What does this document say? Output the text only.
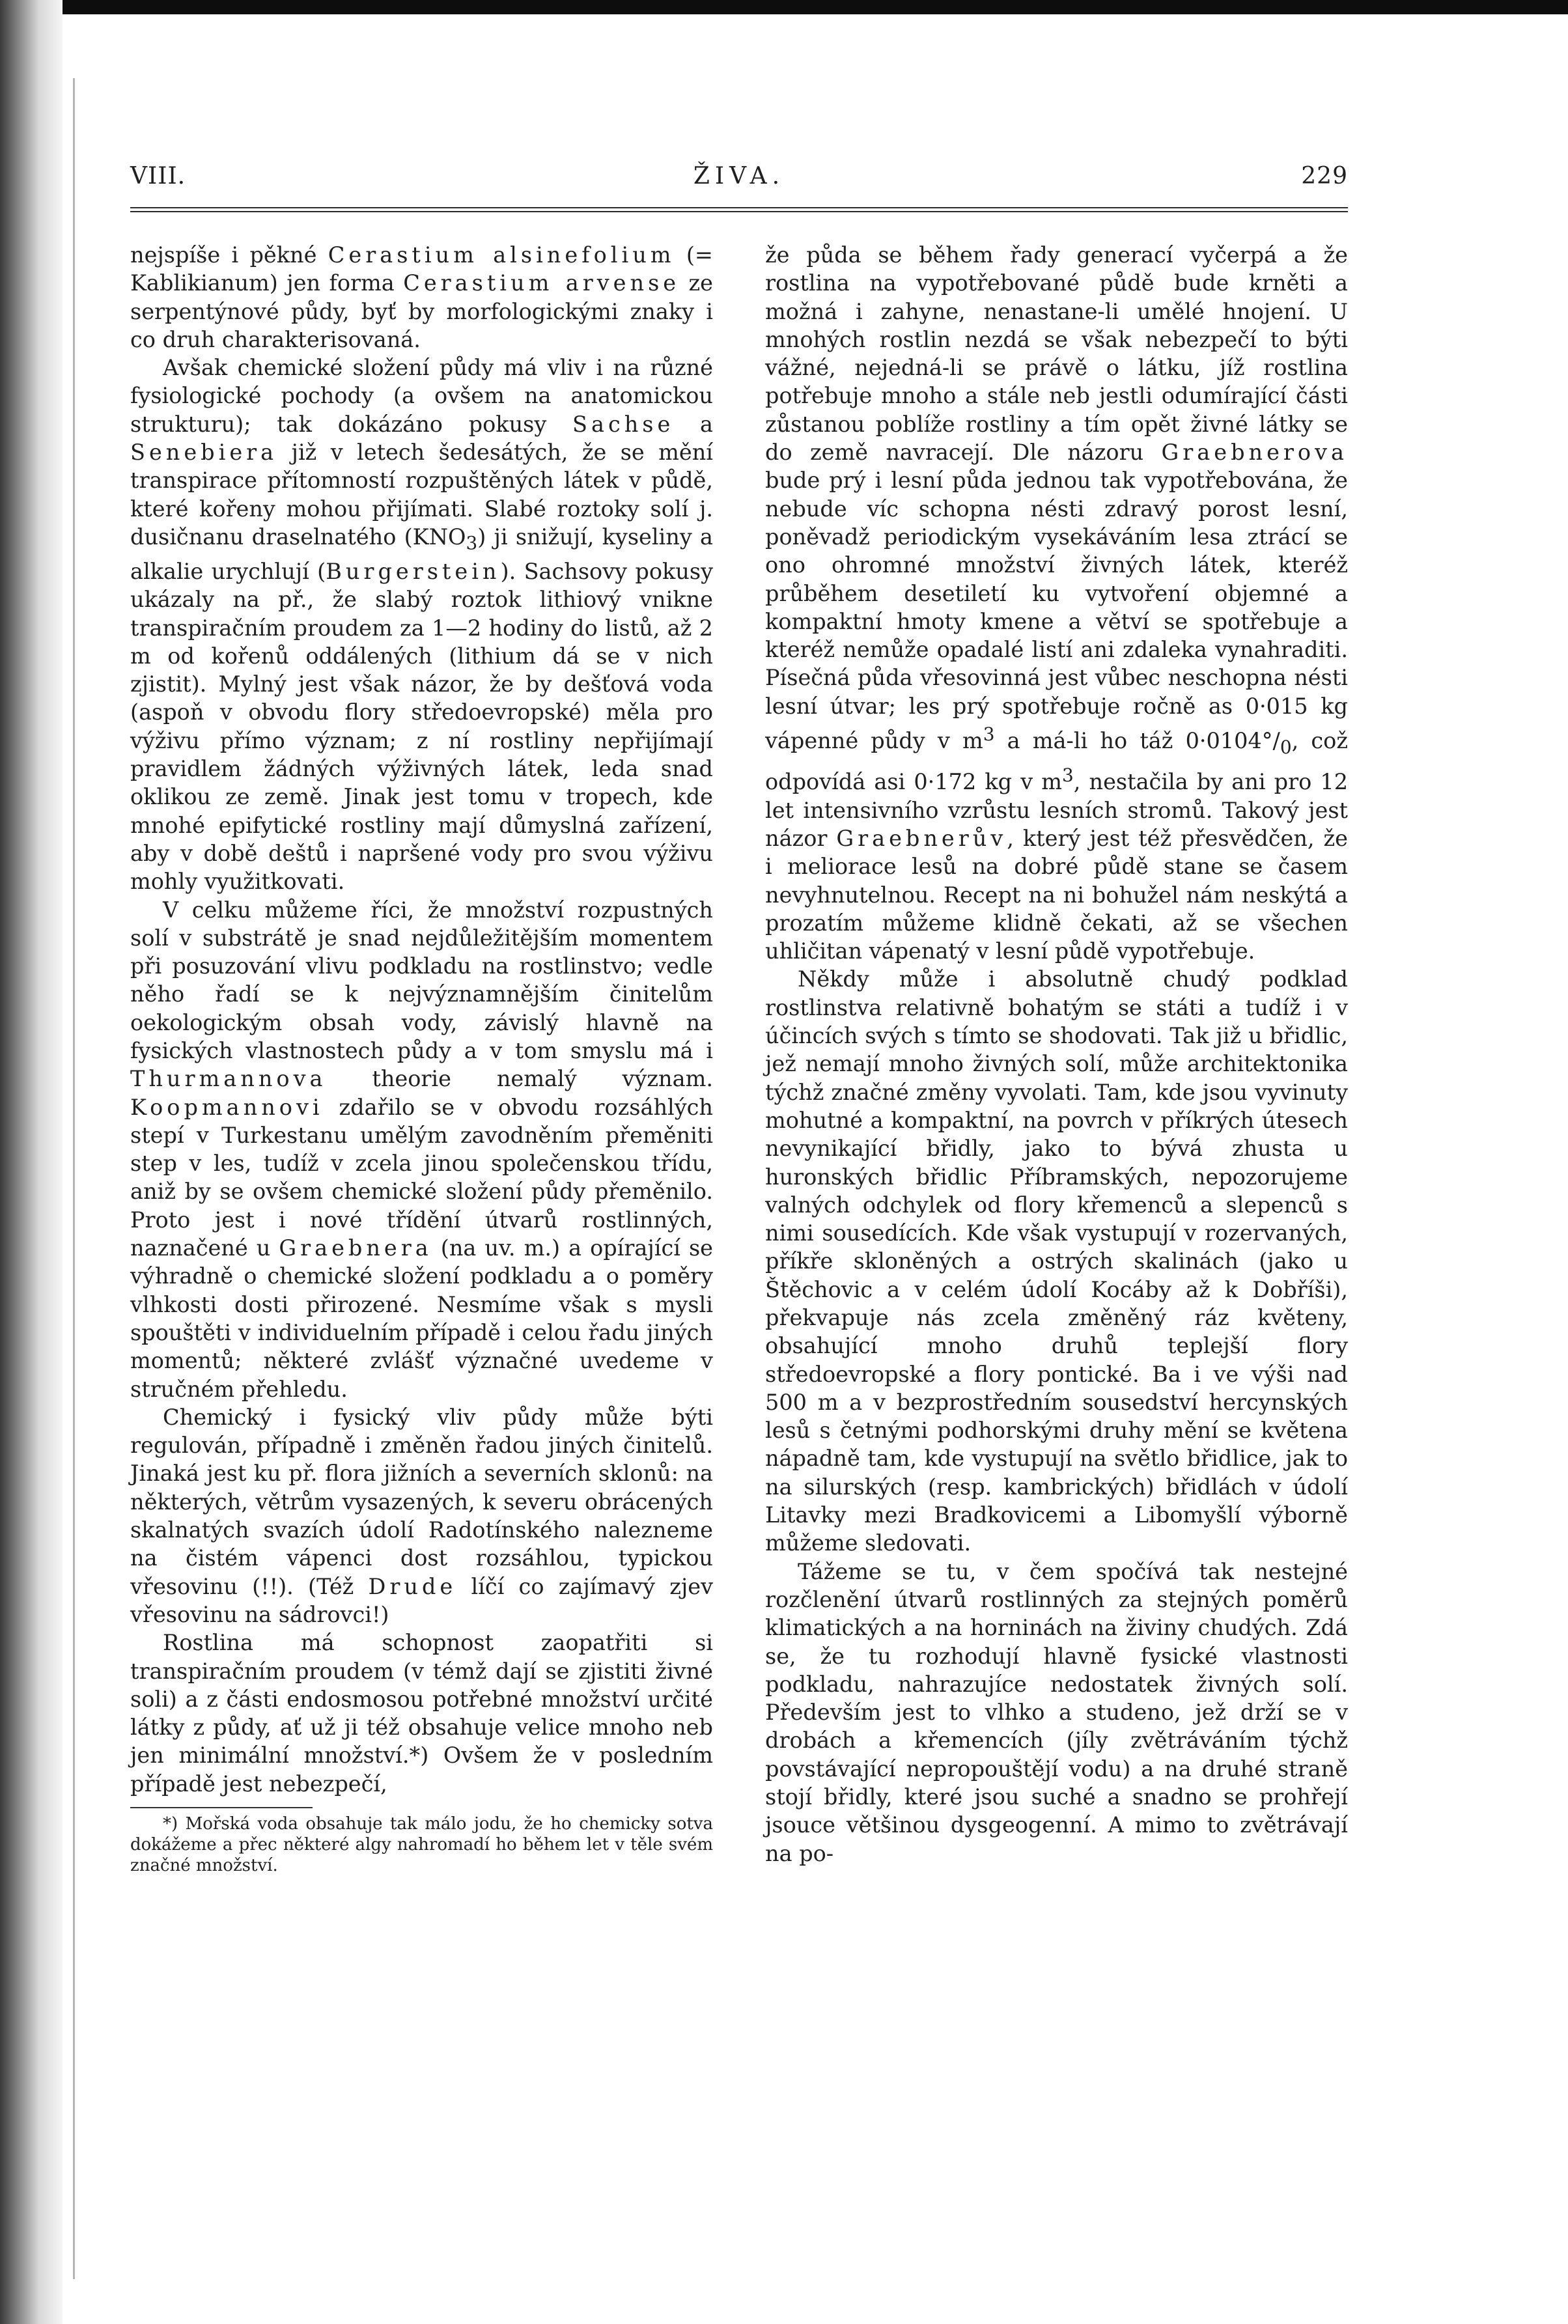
VIII.	ŽIVA.	229

nejspíše i pěkné Cerastium alsinefolium (= Kablikianum) jen forma Cerastium arvense ze serpentýnové půdy, byť by morfologickými znaky i co druh charakterisovaná.

Avšak chemické složení půdy má vliv i na různé fysiologické pochody (a ovšem na anatomickou strukturu); tak dokázáno pokusy Sachse a Senebiera již v letech šedesátých, že se mění transpirace přítomností rozpuštěných látek v půdě, které kořeny mohou přijímati. Slabé roztoky solí j. dusičnanu draselnatého $(KNO_3)$ ji snižují, kyseliny a alkalie urychlují (Burgerstein). Sachsovy pokusy ukázaly na př., že slabý roztok lithiový vnikne transpiračním proudem za 1—2 hodiny do listů, až 2 m od kořenů oddálených (lithium dá se v nich zjistit). Mylný jest však názor, že by dešťová voda (aspoň v obvodu flory středoevropské) měla pro výživu přímo význam; z ní rostliny nepřijímají pravidlem žádných výživných látek, leda snad oklikou ze země. Jinak jest tomu v tropech, kde mnohé epifytické rostliny mají důmyslná zařízení, aby v době deštů i napršené vody pro svou výživu mohly využitkovati.

V celku můžeme říci, že množství rozpustných solí v substrátě je snad nejdůležitějším momentem při posuzování vlivu podkladu na rostlinstvo; vedle něho řadí se k nejvýznamnějším činitelům oekologickým obsah vody, závislý hlavně na fysických vlastnostech půdy a v tom smyslu má i Thurmannova theorie nemalý význam. Koopmannovi zdařilo se v obvodu rozsáhlých stepí v Turkestanu umělým zavodněním přeměniti step v les, tudíž v zcela jinou společenskou třídu, aniž by se ovšem chemické složení půdy přeměnilo. Proto jest i nové třídění útvarů rostlinných, naznačené u Graebnera (na uv. m.) a opírající se výhradně o chemické složení podkladu a o poměry vlhkosti dosti přirozené. Nesmíme však s mysli spouštěti v individuelním případě i celou řadu jiných momentů; některé zvlášť význačné uvedeme v stručném přehledu.

Chemický i fysický vliv půdy může býti regulován, případně i změněn řadou jiných činitelů. Jinaká jest ku př. flora jižních a severních sklonů: na některých, větrům vysazených, k severu obrácených skalnatých svazích údolí Radotínského nalezneme na čistém vápenci dost rozsáhlou, typickou vřesovinu (!!). (Též Drude líčí co zajímavý zjev vřesovinu na sádrovci!)

Rostlina má schopnost zaopatřiti si transpiračním proudem (v témž dají se zjistiti živné soli) a z části endosmosou potřebné množství určité látky z půdy, ať už ji též obsahuje velice mnoho neb jen minimální množství.*) Ovšem že v posledním případě jest nebezpečí,

*) Mořská voda obsahuje tak málo jodu, že ho chemicky sotva dokážeme a přec některé algy nahromadí ho během let v těle svém značné množství.

že půda se během řady generací vyčerpá a že rostlina na vypotřebované půdě bude krněti a možná i zahyne, nenastane-li umělé hnojení. U mnohých rostlin nezdá se však nebezpečí to býti vážné, nejedná-li se právě o látku, jíž rostlina potřebuje mnoho a stále neb jestli odumírající části zůstanou poblíže rostliny a tím opět živné látky se do země navracejí. Dle názoru Graebnerova bude prý i lesní půda jednou tak vypotřebována, že nebude víc schopna nésti zdravý porost lesní, poněvadž periodickým vysekáváním lesa ztrácí se ono ohromné množství živných látek, kteréž průběhem desetiletí ku vytvoření objemné a kompaktní hmoty kmene a větví se spotřebuje a kteréž nemůže opadalé listí ani zdaleka vynahraditi. Písečná půda vřesovinná jest vůbec neschopna nésti lesní útvar; les prý spotřebuje ročně as 0·015 kg vápenné půdy v $m^3$ a má-li ho táž $0\cdot 0104^\circ/_0$, což odpovídá asi 0·172 kg v $m^3$, nestačila by ani pro 12 let intensivního vzrůstu lesních stromů. Takový jest názor Graebnerův, který jest též přesvědčen, že i meliorace lesů na dobré půdě stane se časem nevyhnutelnou. Recept na ni bohužel nám neskýtá a prozatím můžeme klidně čekati, až se všechen uhličitan vápenatý v lesní půdě vypotřebuje.

Někdy může i absolutně chudý podklad rostlinstva relativně bohatým se státi a tudíž i v účincích svých s tímto se shodovati. Tak již u břidlic, jež nemají mnoho živných solí, může architektonika týchž značné změny vyvolati. Tam, kde jsou vyvinuty mohutné a kompaktní, na povrch v příkrých útesech nevynikající břidly, jako to bývá zhusta u huronských břidlic Příbramských, nepozorujeme valných odchylek od flory křemenců a slepenců s nimi sousedících. Kde však vystupují v rozervaných, příkře skloněných a ostrých skalinách (jako u Štěchovic a v celém údolí Kocáby až k Dobříši), překvapuje nás zcela změněný ráz květeny, obsahující mnoho druhů teplejší flory středoevropské a flory pontické. Ba i ve výši nad 500 m a v bezprostředním sousedství hercynských lesů s četnými podhorskými druhy mění se květena nápadně tam, kde vystupují na světlo břidlice, jak to na silurských (resp. kambrických) břidlách v údolí Litavky mezi Bradkovicemi a Libomyšlí výborně můžeme sledovati.

Tážeme se tu, v čem spočívá tak nestejné rozčlenění útvarů rostlinných za stejných poměrů klimatických a na horninách na živiny chudých. Zdá se, že tu rozhodují hlavně fysické vlastnosti podkladu, nahrazujíce nedostatek živných solí. Především jest to vlhko a studeno, jež drží se v drobách a křemencích (jíly zvětráváním týchž povstávající nepropouštějí vodu) a na druhé straně stojí břidly, které jsou suché a snadno se prohřejí jsouce většinou dysgeogenní. A mimo to zvětrávají na po-
